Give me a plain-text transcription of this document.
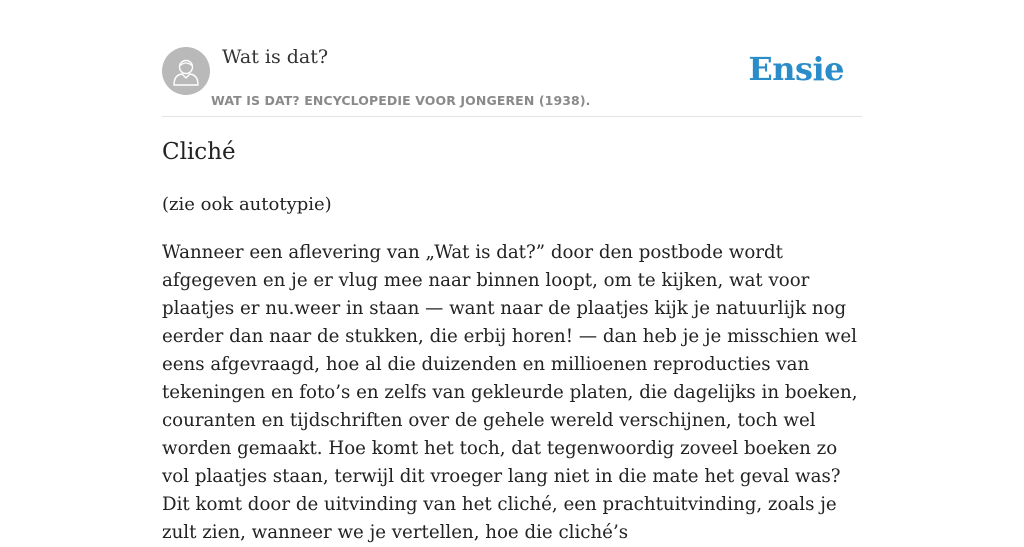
Wat is dat?
WAT IS DAT? ENCYCLOPEDIE VOOR JONGEREN (1938).
Ensie
Cliché

(zie ook autotypie)

Wanneer een aflevering van „Wat is dat?” door den postbode wordt afgegeven en je er vlug mee naar binnen loopt, om te kijken, wat voor plaatjes er nu.weer in staan — want naar de plaatjes kijk je natuurlijk nog eerder dan naar de stukken, die erbij horen! — dan heb je je misschien wel eens afgevraagd, hoe al die duizenden en millioenen reproducties van tekeningen en foto’s en zelfs van gekleurde platen, die dagelijks in boeken, couranten en tijdschriften over de gehele wereld verschijnen, toch wel worden gemaakt. Hoe komt het toch, dat tegenwoordig zoveel boeken zo vol plaatjes staan, terwijl dit vroeger lang niet in die mate het geval was? Dit komt door de uitvinding van het cliché, een prachtuitvinding, zoals je zult zien, wanneer we je vertellen, hoe die cliché’s
